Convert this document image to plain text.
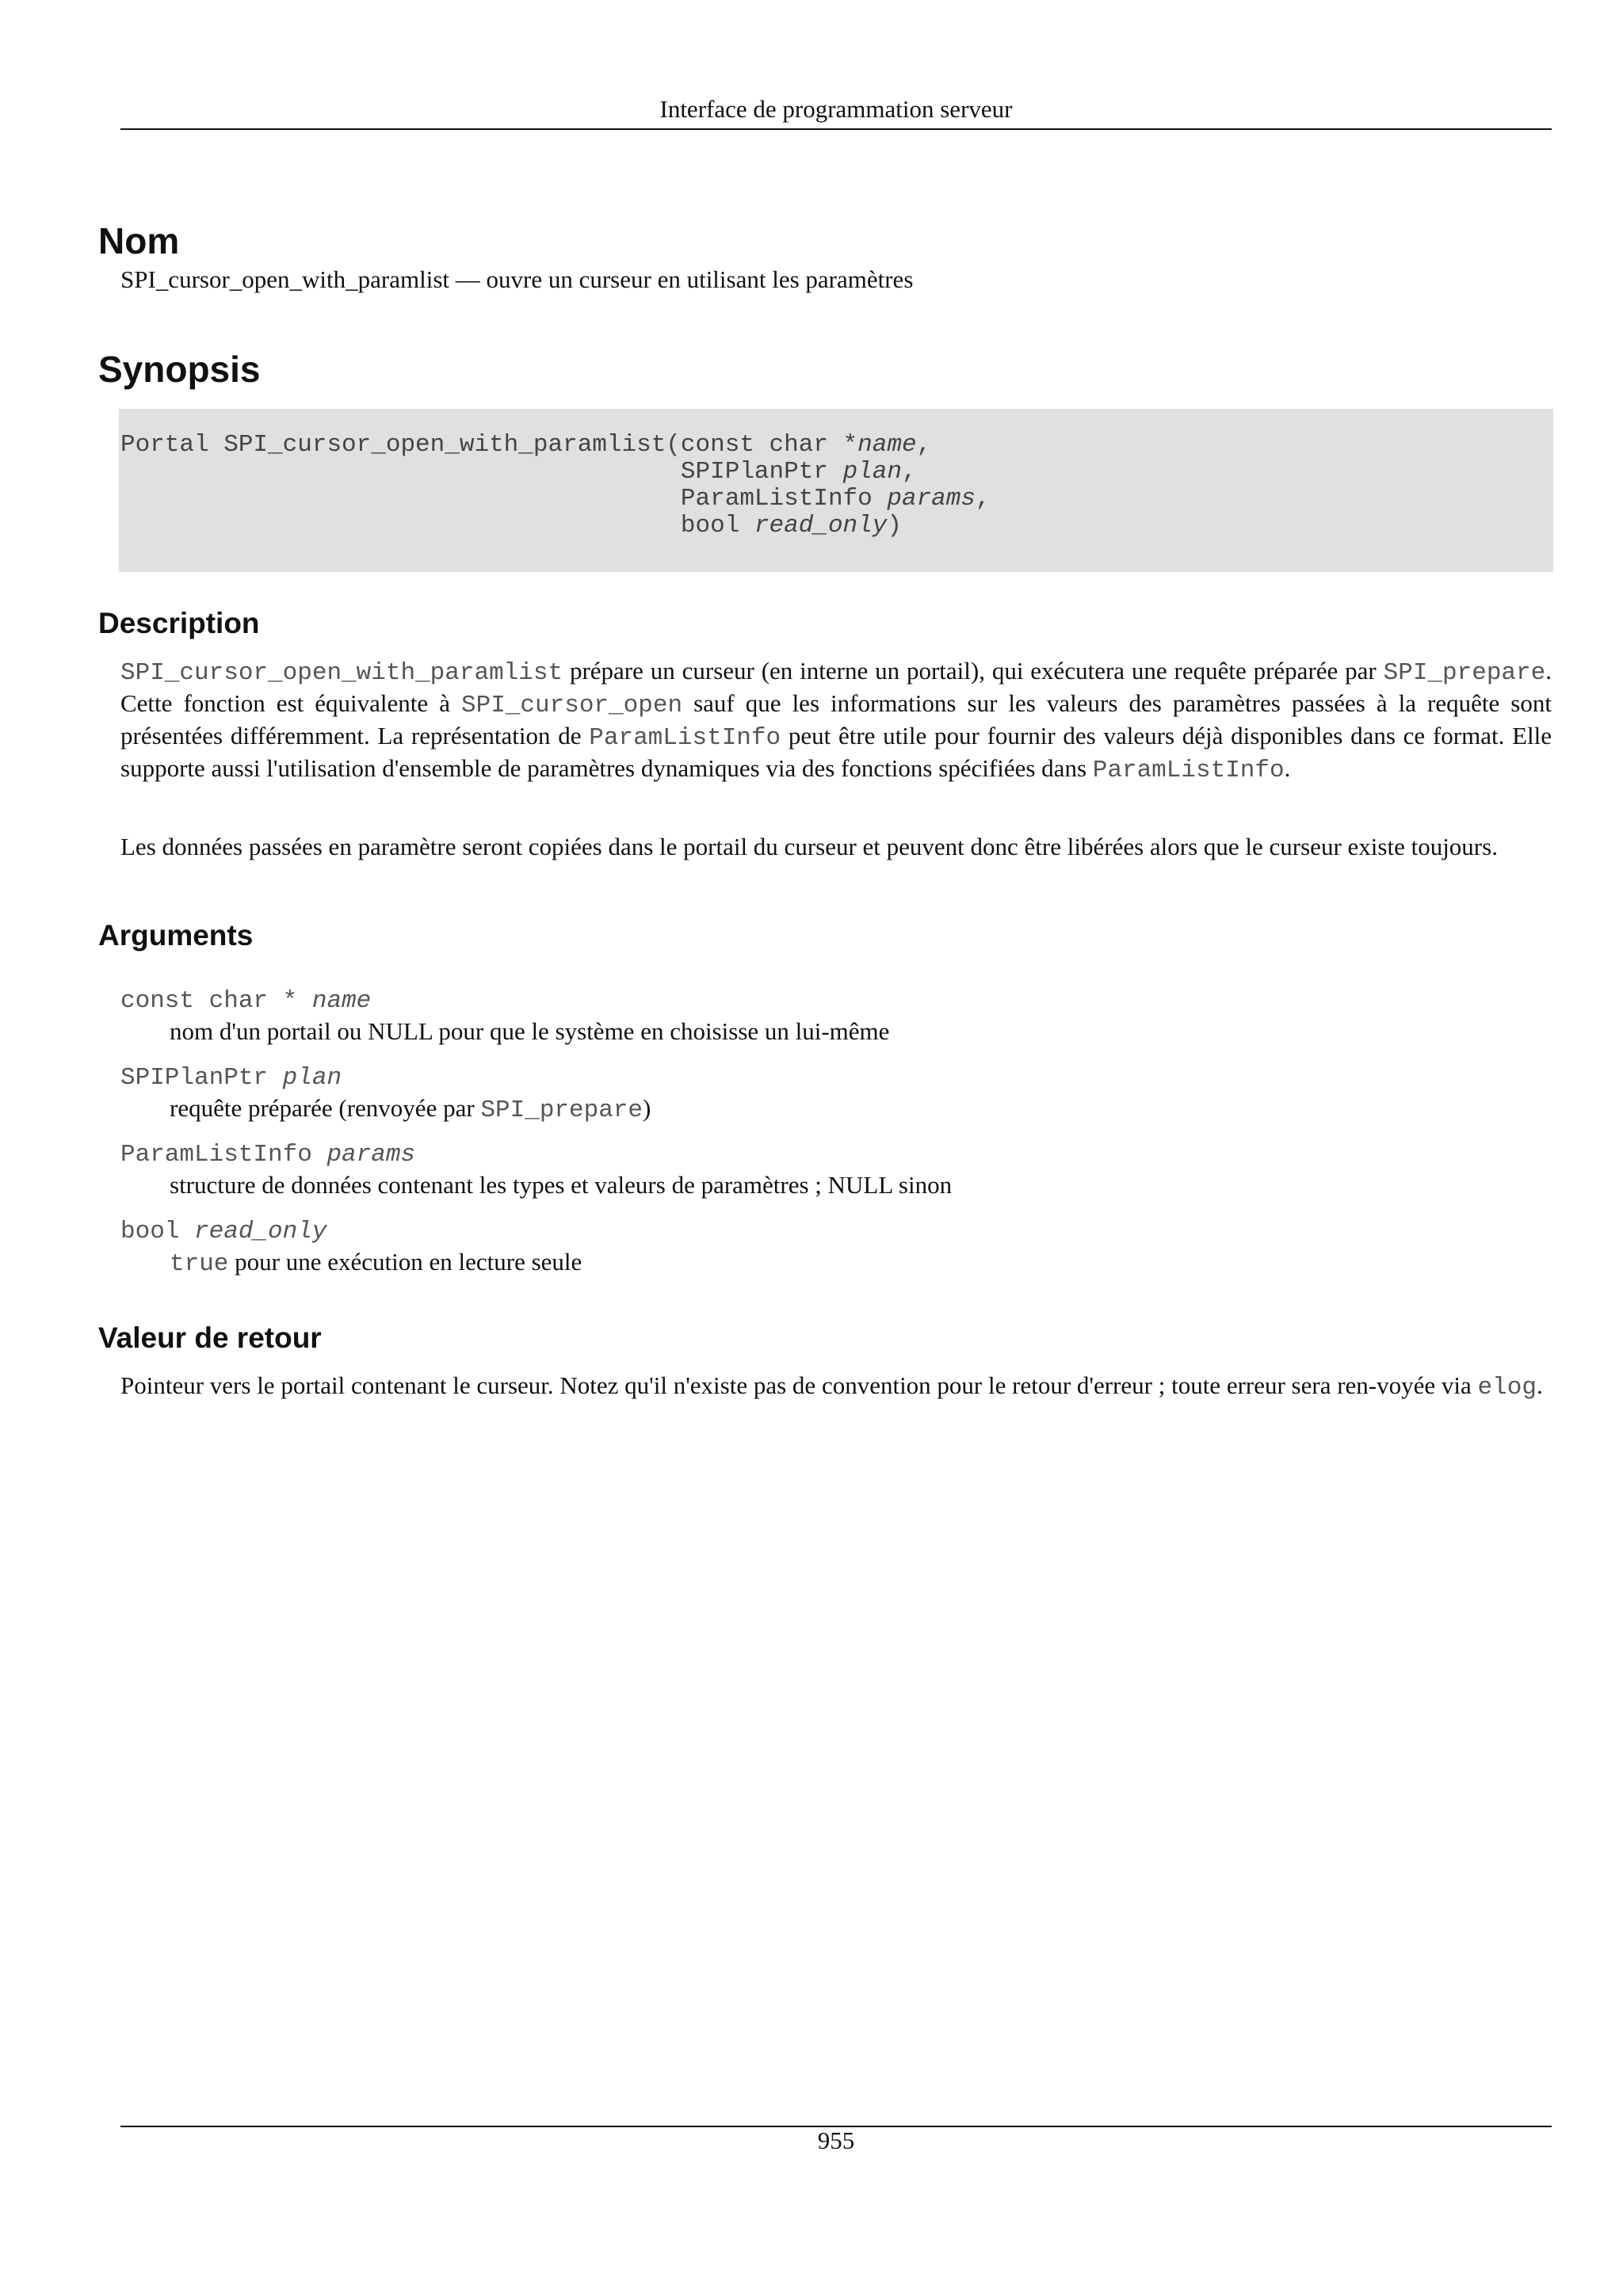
Interface de programmation serveur
Nom
SPI_cursor_open_with_paramlist — ouvre un curseur en utilisant les paramètres
Synopsis
Portal SPI_cursor_open_with_paramlist(const char *name,
SPIPlanPtr plan,
ParamListInfo params,
bool read_only)
Description
SPI_cursor_open_with_paramlist prépare un curseur (en interne un portail), qui exécutera une requête préparée par SPI_prepare. Cette fonction est équivalente à SPI_cursor_open sauf que les informations sur les valeurs des paramètres passées à la requête sont présentées différemment. La représentation de ParamListInfo peut être utile pour fournir des valeurs déjà disponibles dans ce format. Elle supporte aussi l'utilisation d'ensemble de paramètres dynamiques via des fonctions spécifiées dans ParamListInfo.
Les données passées en paramètre seront copiées dans le portail du curseur et peuvent donc être libérées alors que le curseur existe toujours.
Arguments
const char * name
nom d'un portail ou NULL pour que le système en choisisse un lui-même
SPIPlanPtr plan
requête préparée (renvoyée par SPI_prepare)
ParamListInfo params
structure de données contenant les types et valeurs de paramètres ; NULL sinon
bool read_only
true pour une exécution en lecture seule
Valeur de retour
Pointeur vers le portail contenant le curseur. Notez qu'il n'existe pas de convention pour le retour d'erreur ; toute erreur sera ren-voyée via elog.
955
